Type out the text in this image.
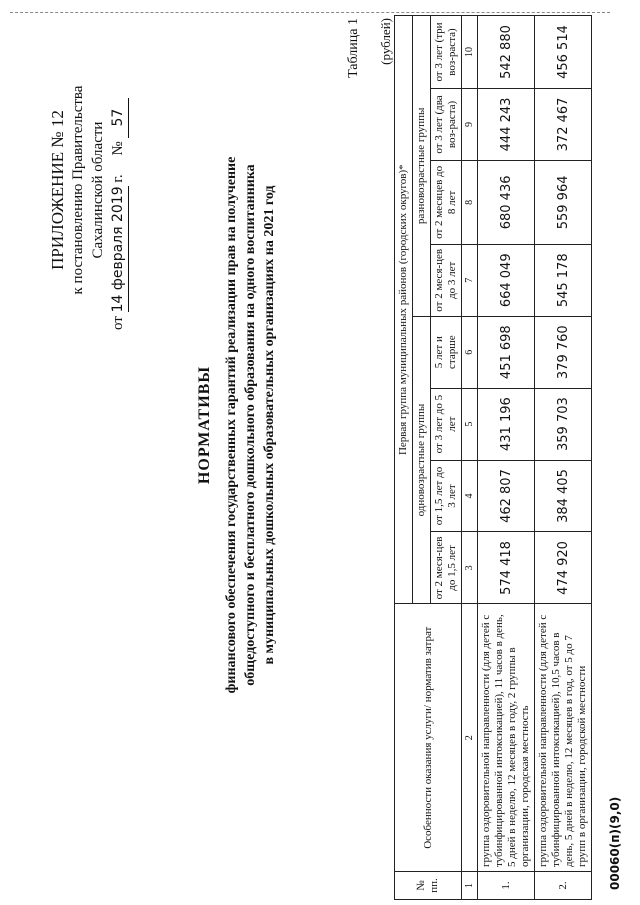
ПРИЛОЖЕНИЕ № 12 к постановлению Правительства Сахалинской области
от 14 февраля 2019 г.     № 57
НОРМАТИВЫ финансового обеспечения государственных гарантий реализации прав на получение общедоступного и бесплатного дошкольного образования на одного воспитанника в муниципальных дошкольных образовательных организациях на 2021 год
Таблица 1 (рублей)
№ пп.	Особенности оказания услуги/ норматив затрат	Первая группа муниципальных районов (городских округов)*							
		одновозрастные группы				разновозрастные группы			
		от 2 меся-цев до 1,5 лет	от 1,5 лет до 3 лет	от 3 лет до 5 лет	5 лет и старше	от 2 меся-цев до 3 лет	от 2 месяцев до 8 лет	от 3 лет (два воз-раста)	от 3 лет (три воз-раста)
1	2	3	4	5	6	7	8	9	10
1.	группа оздоровительной направленности (для детей с тубинфицированной интоксикацией), 11 часов в день, 5 дней в неделю, 12 месяцев в году, 2 группы в организации, городская местность	574 418	462 807	431 196	451 698	664 049	680 436	444 243	542 880
2.	группа оздоровительной направленности (для детей с тубинфицированной интоксикацией), 10,5 часов в день, 5 дней в неделю, 12 месяцев в год, от 5 до 7 групп в организации, городской местности	474 920	384 405	359 703	379 760	545 178	559 964	372 467	456 514
00060(п)(9,0)
